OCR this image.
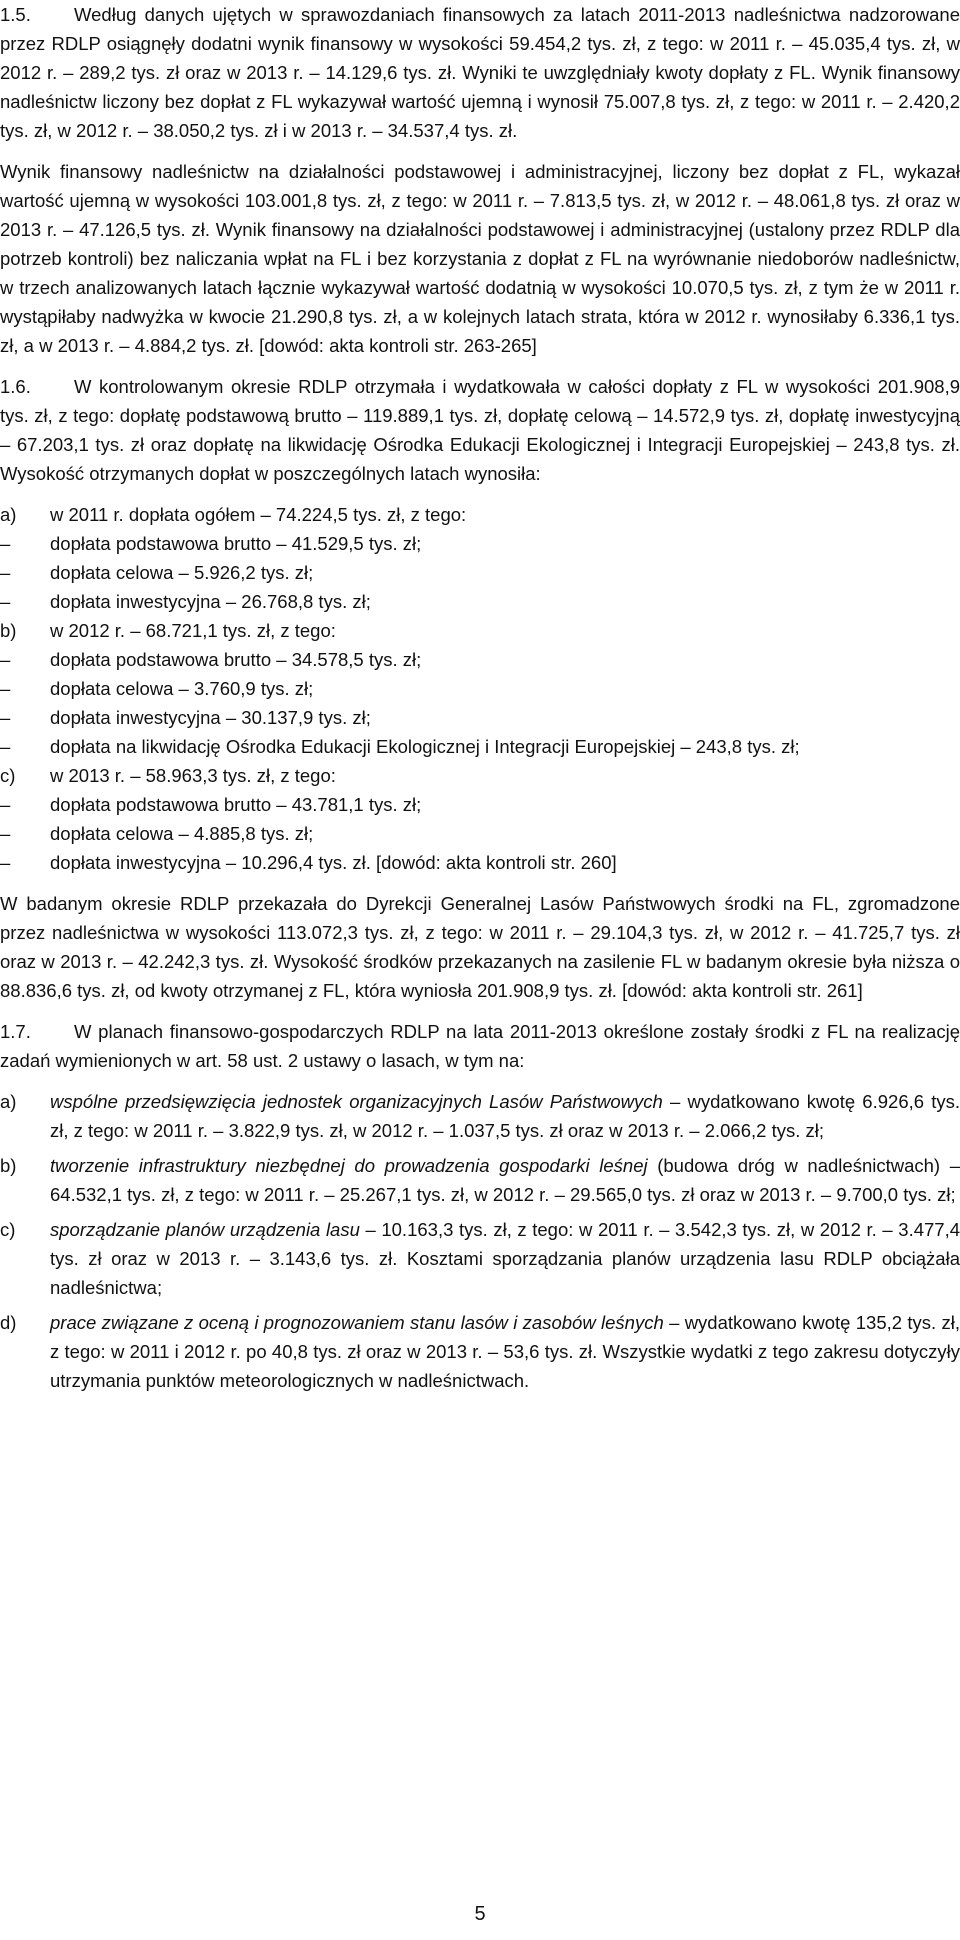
1.5. Według danych ujętych w sprawozdaniach finansowych za latach 2011-2013 nadleśnictwa nadzorowane przez RDLP osiągnęły dodatni wynik finansowy w wysokości 59.454,2 tys. zł, z tego: w 2011 r. – 45.035,4 tys. zł, w 2012 r. – 289,2 tys. zł oraz w 2013 r. – 14.129,6 tys. zł. Wyniki te uwzględniały kwoty dopłaty z FL. Wynik finansowy nadleśnictw liczony bez dopłat z FL wykazywał wartość ujemną i wynosił 75.007,8 tys. zł, z tego: w 2011 r. – 2.420,2 tys. zł, w 2012 r. – 38.050,2 tys. zł i w 2013 r. – 34.537,4 tys. zł.

Wynik finansowy nadleśnictw na działalności podstawowej i administracyjnej, liczony bez dopłat z FL, wykazał wartość ujemną w wysokości 103.001,8 tys. zł, z tego: w 2011 r. – 7.813,5 tys. zł, w 2012 r. – 48.061,8 tys. zł oraz w 2013 r. – 47.126,5 tys. zł. Wynik finansowy na działalności podstawowej i administracyjnej (ustalony przez RDLP dla potrzeb kontroli) bez naliczania wpłat na FL i bez korzystania z dopłat z FL na wyrównanie niedoborów nadleśnictw, w trzech analizowanych latach łącznie wykazywał wartość dodatnią w wysokości 10.070,5 tys. zł, z tym że w 2011 r. wystąpiłaby nadwyżka w kwocie 21.290,8 tys. zł, a w kolejnych latach strata, która w 2012 r. wynosiłaby 6.336,1 tys. zł, a w 2013 r. – 4.884,2 tys. zł. [dowód: akta kontroli str. 263-265]

1.6. W kontrolowanym okresie RDLP otrzymała i wydatkowała w całości dopłaty z FL w wysokości 201.908,9 tys. zł, z tego: dopłatę podstawową brutto – 119.889,1 tys. zł, dopłatę celową – 14.572,9 tys. zł, dopłatę inwestycyjną – 67.203,1 tys. zł oraz dopłatę na likwidację Ośrodka Edukacji Ekologicznej i Integracji Europejskiej – 243,8 tys. zł. Wysokość otrzymanych dopłat w poszczególnych latach wynosiła:

a)	w 2011 r. dopłata ogółem – 74.224,5 tys. zł, z tego:
–	dopłata podstawowa brutto – 41.529,5 tys. zł;
–	dopłata celowa – 5.926,2 tys. zł;
–	dopłata inwestycyjna – 26.768,8 tys. zł;
b)	w 2012 r. – 68.721,1 tys. zł, z tego:
–	dopłata podstawowa brutto – 34.578,5 tys. zł;
–	dopłata celowa – 3.760,9 tys. zł;
–	dopłata inwestycyjna – 30.137,9 tys. zł;
–	dopłata na likwidację Ośrodka Edukacji Ekologicznej i Integracji Europejskiej – 243,8 tys. zł;
c)	w 2013 r. – 58.963,3 tys. zł, z tego:
–	dopłata podstawowa brutto – 43.781,1 tys. zł;
–	dopłata celowa – 4.885,8 tys. zł;
–	dopłata inwestycyjna – 10.296,4 tys. zł. [dowód: akta kontroli str. 260]

W badanym okresie RDLP przekazała do Dyrekcji Generalnej Lasów Państwowych środki na FL, zgromadzone przez nadleśnictwa w wysokości 113.072,3 tys. zł, z tego: w 2011 r. – 29.104,3 tys. zł, w 2012 r. – 41.725,7 tys. zł oraz w 2013 r. – 42.242,3 tys. zł. Wysokość środków przekazanych na zasilenie FL w badanym okresie była niższa o 88.836,6 tys. zł, od kwoty otrzymanej z FL, która wyniosła 201.908,9 tys. zł. [dowód: akta kontroli str. 261]

1.7. W planach finansowo-gospodarczych RDLP na lata 2011-2013 określone zostały środki z FL na realizację zadań wymienionych w art. 58 ust. 2 ustawy o lasach, w tym na:

a)	wspólne przedsięwzięcia jednostek organizacyjnych Lasów Państwowych – wydatkowano kwotę 6.926,6 tys. zł, z tego: w 2011 r. – 3.822,9 tys. zł, w 2012 r. – 1.037,5 tys. zł oraz w 2013 r. – 2.066,2 tys. zł;
b)	tworzenie infrastruktury niezbędnej do prowadzenia gospodarki leśnej (budowa dróg w nadleśnictwach) – 64.532,1 tys. zł, z tego: w 2011 r. – 25.267,1 tys. zł, w 2012 r. – 29.565,0 tys. zł oraz w 2013 r. – 9.700,0 tys. zł;
c)	sporządzanie planów urządzenia lasu – 10.163,3 tys. zł, z tego: w 2011 r. – 3.542,3 tys. zł, w 2012 r. – 3.477,4 tys. zł oraz w 2013 r. – 3.143,6 tys. zł. Kosztami sporządzania planów urządzenia lasu RDLP obciążała nadleśnictwa;
d)	prace związane z oceną i prognozowaniem stanu lasów i zasobów leśnych – wydatkowano kwotę 135,2 tys. zł, z tego: w 2011 i 2012 r. po 40,8 tys. zł oraz w 2013 r. – 53,6 tys. zł. Wszystkie wydatki z tego zakresu dotyczyły utrzymania punktów meteorologicznych w nadleśnictwach.
5
